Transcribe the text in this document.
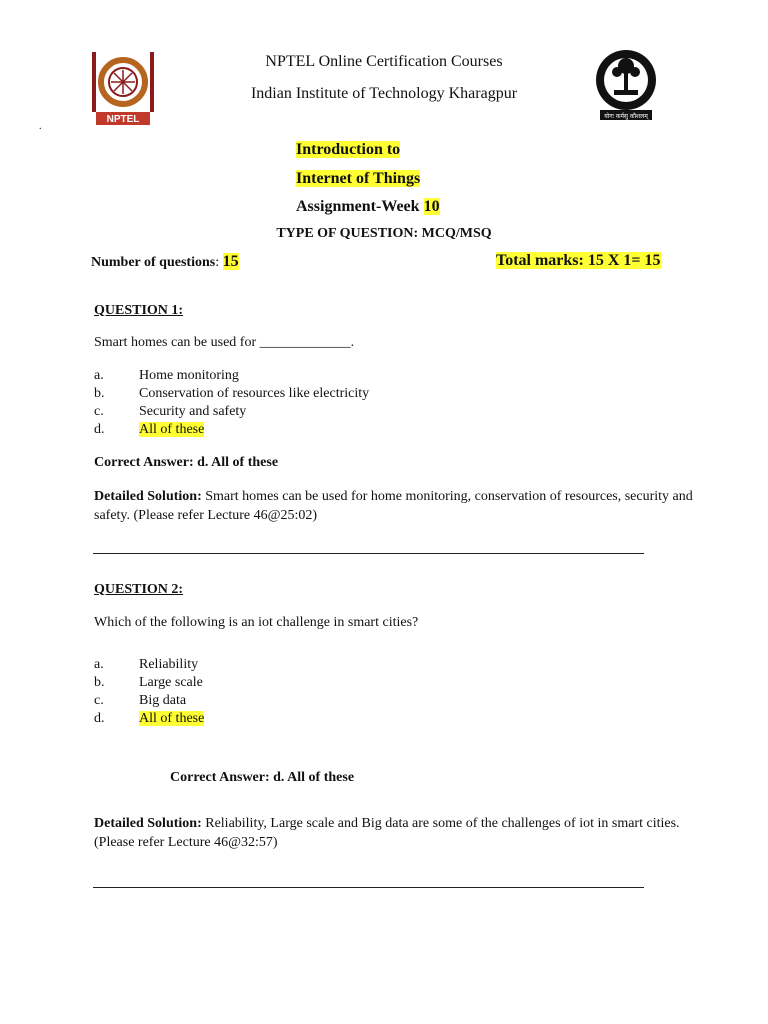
NPTEL	योगः कर्मसु कौशलम्
NPTEL Online Certification Courses
Indian Institute of Technology Kharagpur
.
Introduction to
Internet of Things
Assignment-Week 10
TYPE OF QUESTION: MCQ/MSQ
Number of questions: 15	Total marks: 15 X 1= 15
QUESTION 1:
Smart homes can be used for _____________.
a.	Home monitoring
b. Conservation of resources like electricity
c.	Security and safety
d. All of these
Correct Answer: d. All of these
Detailed Solution: Smart homes can be used for home monitoring, conservation of resources, security and safety. (Please refer Lecture 46@25:02)
QUESTION 2:
Which of the following is an iot challenge in smart cities?
a.	Reliability
b. Large scale
c.	Big data
d. All of these
Correct Answer: d. All of these
Detailed Solution: Reliability, Large scale and Big data are some of the challenges of iot in smart cities. (Please refer Lecture 46@32:57)
